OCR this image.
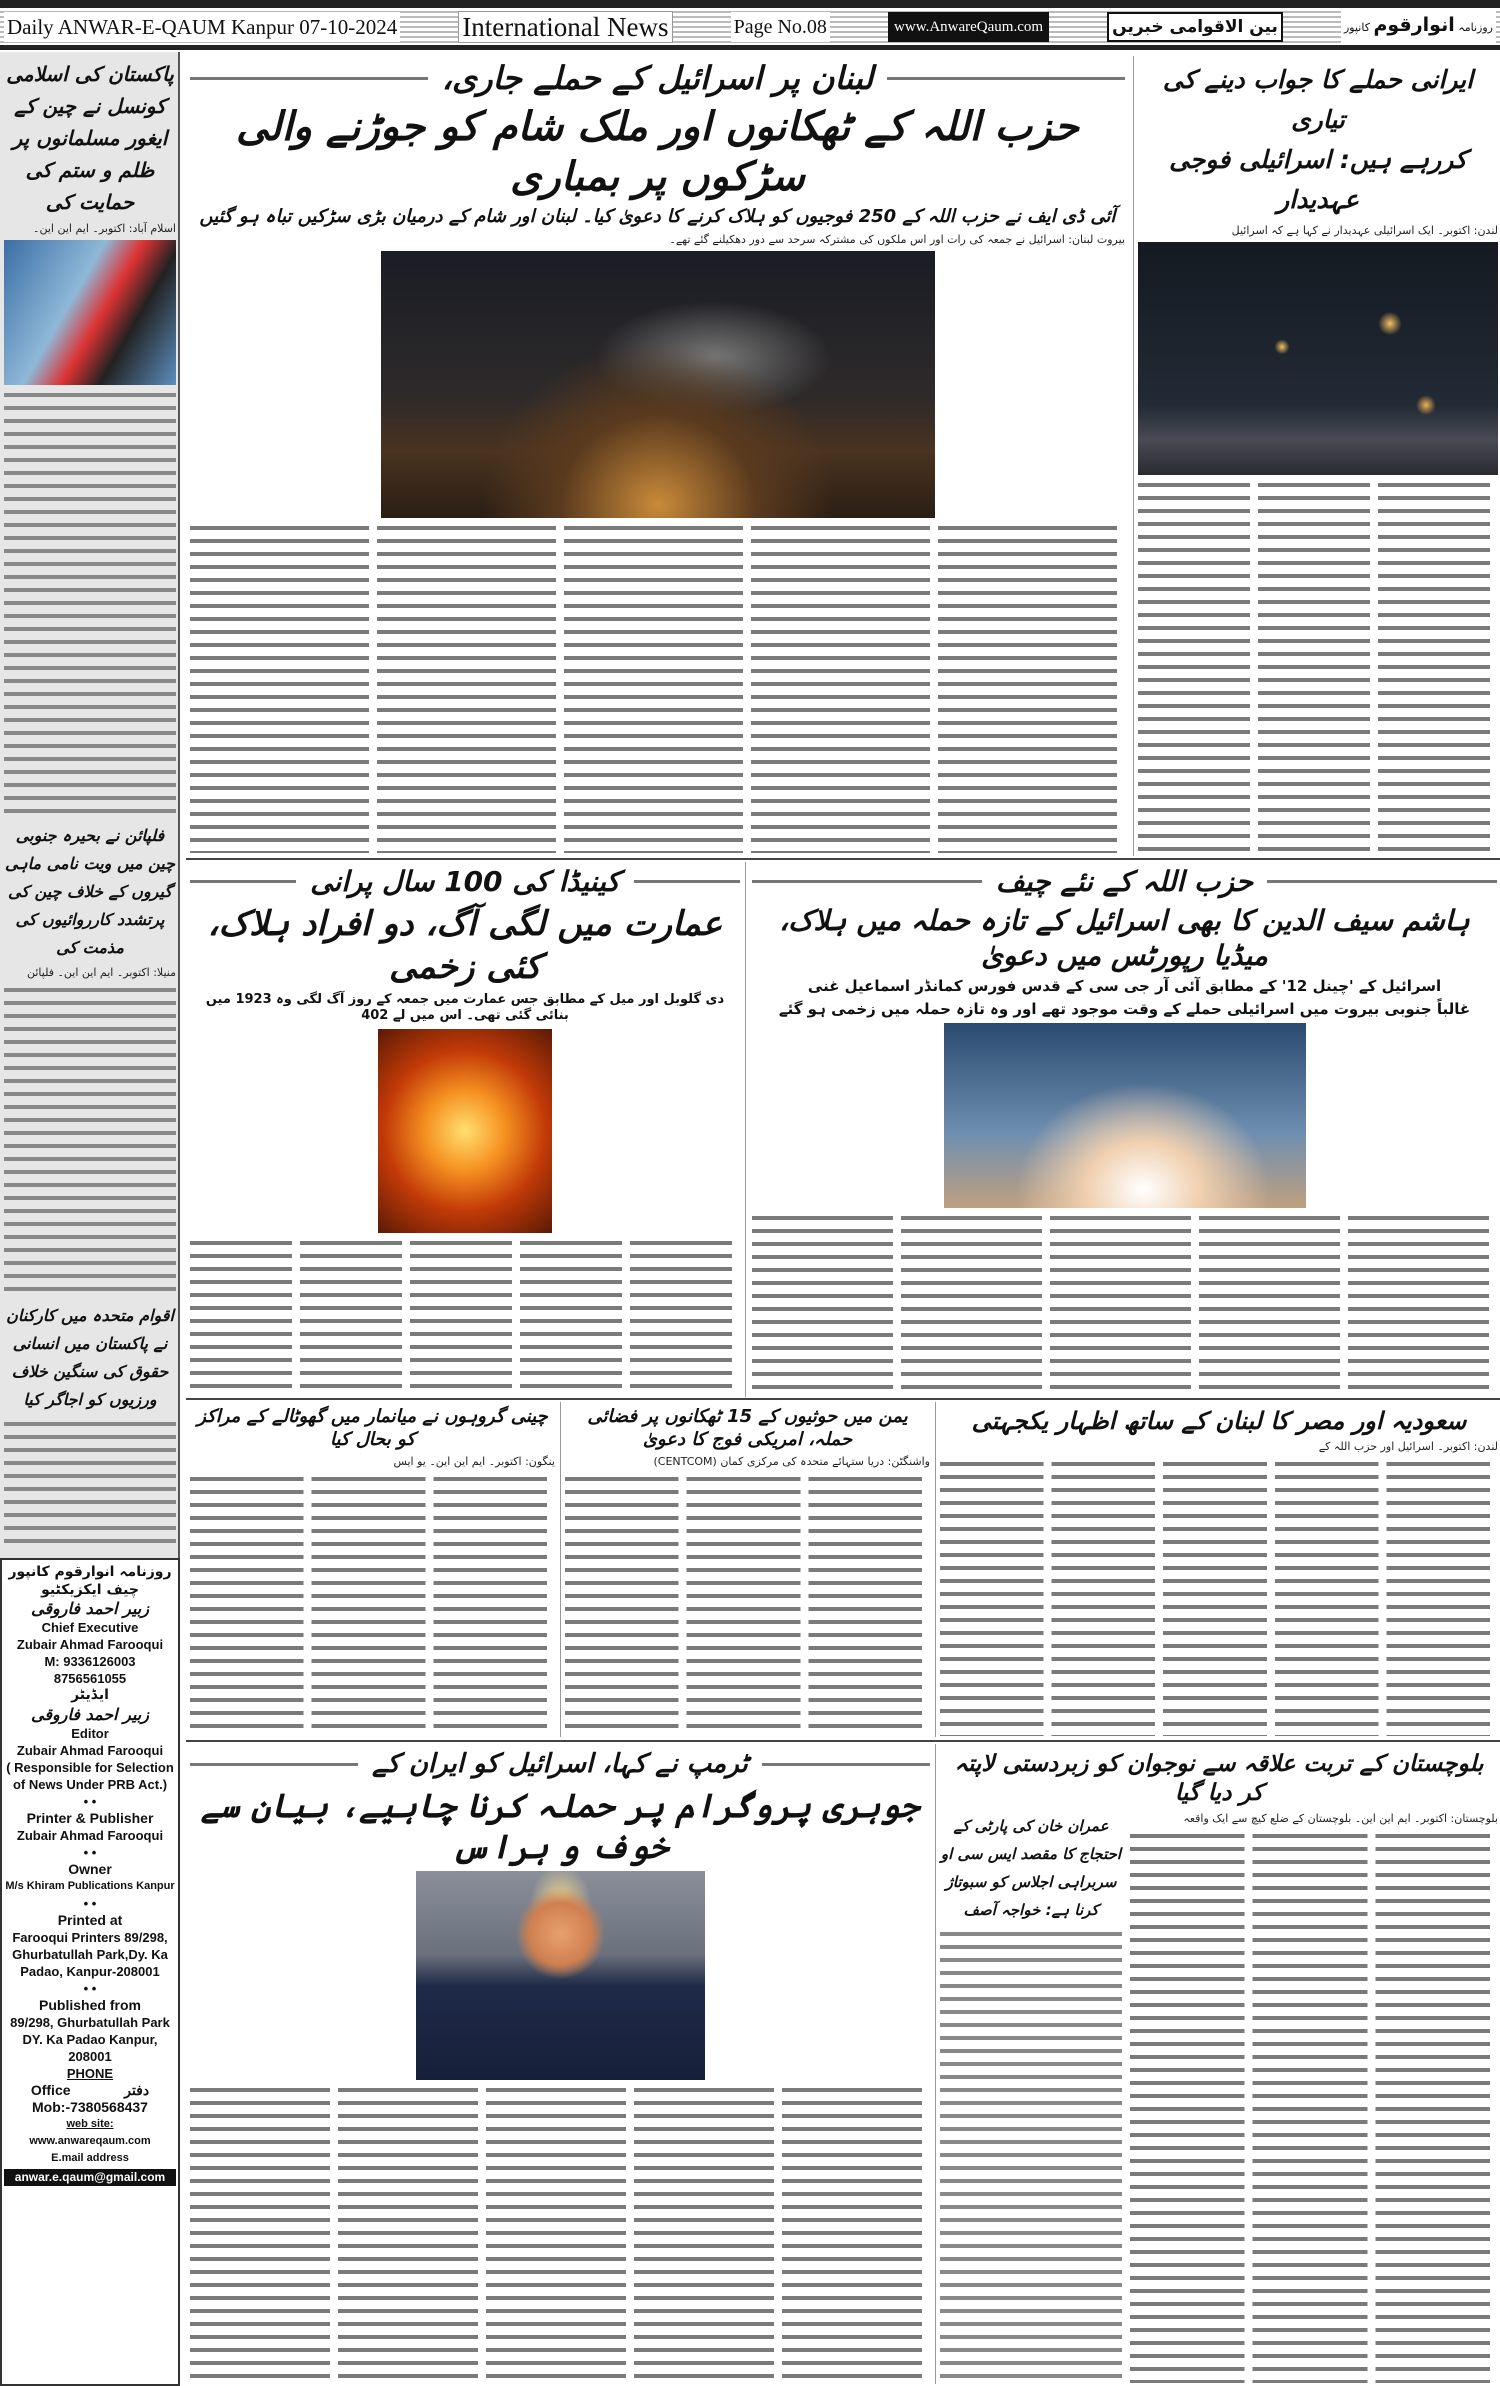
Daily ANWAR-E-QAUM Kanpur 07-10-2024 International News	Page No.08	www.AnwareQaum.com	بین الاقوامی خبریں	روزنامہ انوارقوم کانپور
پاکستان کی اسلامی کونسل نے چین کے ایغور مسلمانوں پر ظلم و ستم کی حمایت کی
اسلام آباد: اکتوبر۔ ایم این این۔
فلپائن نے بحیرہ جنوبی چین میں ویت نامی ماہی گیروں کے خلاف چین کی پرتشدد کارروائیوں کی مذمت کی
منیلا: اکتوبر۔ ایم این این۔ فلپائن
اقوام متحدہ میں کارکنان نے پاکستان میں انسانی حقوق کی سنگین خلاف ورزیوں کو اجاگر کیا
روزنامہ انوارقوم کانپور
چیف ایکزیکٹیو
زبیر احمد فاروقی
Chief Executive
Zubair Ahmad Farooqui
M: 9336126003
8756561055
ایڈیٹر
زبیر احمد فاروقی
Editor
Zubair Ahmad Farooqui
( Responsible for Selection of News Under PRB Act.)
• •
Printer & Publisher
Zubair Ahmad Farooqui
• •
Owner
M/s Khiram Publications Kanpur
• •
Printed at
Farooqui Printers 89/298, Ghurbatullah Park,Dy. Ka Padao, Kanpur-208001
• •
Published from
89/298, Ghurbatullah Park DY. Ka Padao Kanpur, 208001
PHONE
Office	دفتر
Mob:-7380568437
web site:
www.anwareqaum.com
E.mail address
anwar.e.qaum@gmail.com
لبنان پر اسرائیل کے حملے جاری،
حزب اللہ کے ٹھکانوں اور ملک شام کو جوڑنے والی سڑکوں پر بمباری
آئی ڈی ایف نے حزب اللہ کے 250 فوجیوں کو ہلاک کرنے کا دعویٰ کیا۔ لبنان اور شام کے درمیان بڑی سڑکیں تباہ ہو گئیں
بیروت لبنان: اسرائیل نے جمعہ کی رات اور اس ملکوں کی مشترکہ سرحد سے دور دھکیلنے گئے تھے۔
ایرانی حملے کا جواب دینے کی تیاری
کررہے ہیں: اسرائیلی فوجی عہدیدار
لندن: اکتوبر۔ ایک اسرائیلی عہدیدار نے کہا ہے کہ اسرائیل
کینیڈا کی 100 سال پرانی
عمارت میں لگی آگ، دو افراد ہلاک، کئی زخمی
دی گلوبل اور میل کے مطابق جس عمارت میں جمعہ کے روز آگ لگی وہ 1923 میں بنائی گئی تھی۔ اس میں لے 402
حزب اللہ کے نئے چیف
ہاشم سیف الدین کا بھی اسرائیل کے تازہ حملہ میں ہلاک، میڈیا رپورٹس میں دعویٰ
اسرائیل کے 'چینل 12' کے مطابق آئی آر جی سی کے قدس فورس کمانڈر اسماعیل غنی
غالباً جنوبی بیروت میں اسرائیلی حملے کے وقت موجود تھے اور وہ تازہ حملہ میں زخمی ہو گئے
چینی گروہوں نے میانمار میں گھوٹالے کے مراکز کو بحال کیا
ینگون: اکتوبر۔ ایم این این۔ یو ایس
یمن میں حوثیوں کے 15 ٹھکانوں پر فضائی حملہ، امریکی فوج کا دعویٰ
واشنگٹن: دریا ستہائے متحدہ کی مرکزی کمان (CENTCOM)
سعودیہ اور مصر کا لبنان کے ساتھ اظہار یکجہتی
لندن: اکتوبر۔ اسرائیل اور حزب اللہ کے
ٹرمپ نے کہا، اسرائیل کو ایران کے
جوہری پروگرام پر حملہ کرنا چاہیے، بیان سے خوف و ہراس
بلوچستان کے تربت علاقہ سے نوجوان کو زبردستی لاپتہ کر دیا گیا
بلوچستان: اکتوبر۔ ایم این این۔ بلوچستان کے ضلع کیچ سے ایک واقعہ
عمران خان کی پارٹی کے احتجاج کا مقصد ایس سی او سربراہی اجلاس کو سبوتاژ کرنا ہے: خواجہ آصف
